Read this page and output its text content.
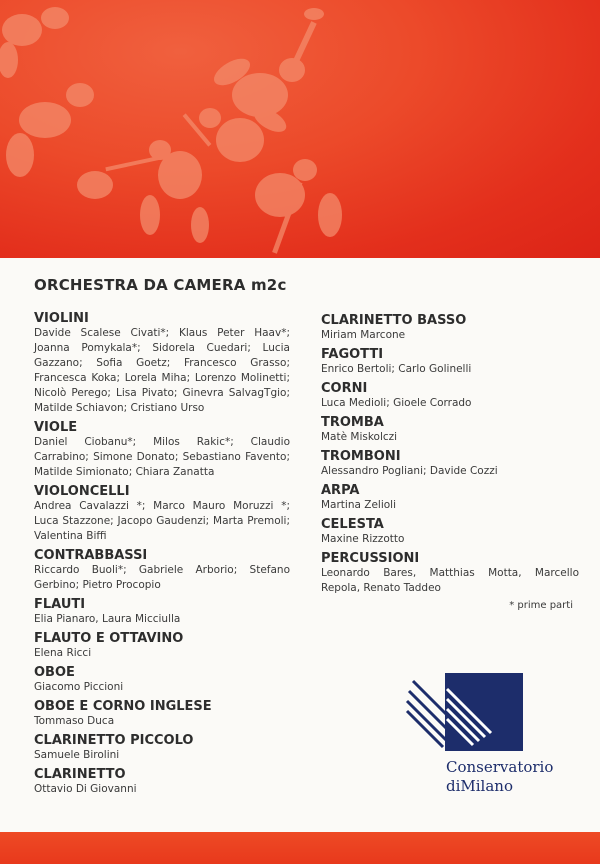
ORCHESTRA DA CAMERA m2c
VIOLINI
Davide Scalese Civati*; Klaus Peter Haav*; Joanna Pomykala*; Sidorela Cuedari; Lucia Gazzano; Sofia Goetz; Francesco Grasso; Francesca Koka; Lorela Miha; Lorenzo Molinetti; Nicolò Perego; Lisa Pivato; Ginevra SalvagTgio; Matilde Schiavon; Cristiano Urso
VIOLE
Daniel Ciobanu*; Milos Rakic*; Claudio Carrabino; Simone Donato; Sebastiano Favento; Matilde Simionato; Chiara Zanatta
VIOLONCELLI
Andrea Cavalazzi *; Marco Mauro Moruzzi *; Luca Stazzone; Jacopo Gaudenzi; Marta Premoli; Valentina Biffi
CONTRABBASSI
Riccardo Buoli*; Gabriele Arborio; Stefano Gerbino; Pietro Procopio
FLAUTI
Elia Pianaro, Laura Micciulla
FLAUTO E OTTAVINO
Elena Ricci
OBOE
Giacomo Piccioni
OBOE E CORNO INGLESE
Tommaso Duca
CLARINETTO PICCOLO
Samuele Birolini
CLARINETTO
Ottavio Di Giovanni
CLARINETTO BASSO
Miriam Marcone
FAGOTTI
Enrico Bertoli; Carlo Golinelli
CORNI
Luca Medioli; Gioele Corrado
TROMBA
Matè Miskolczi
TROMBONI
Alessandro Pogliani; Davide Cozzi
ARPA
Martina Zelioli
CELESTA
Maxine Rizzotto
PERCUSSIONI
Leonardo Bares, Matthias Motta, Marcello Repola, Renato Taddeo
* prime parti
Conservatorio
diMilano
